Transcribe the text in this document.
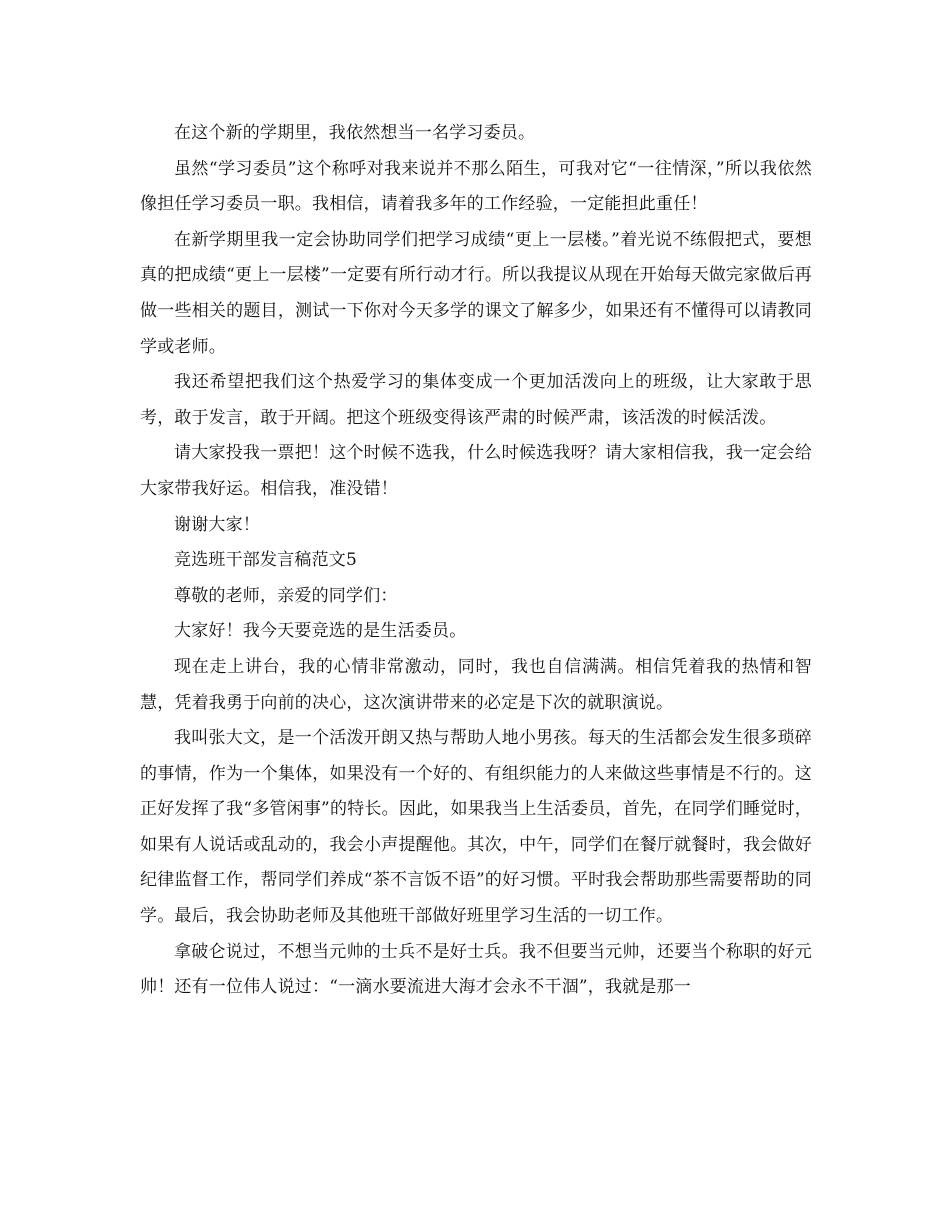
在这个新的学期里，我依然想当一名学习委员。

虽然“学习委员”这个称呼对我来说并不那么陌生，可我对它“一往情深，”所以我依然像担任学习委员一职。我相信，请着我多年的工作经验，一定能担此重任！

在新学期里我一定会协助同学们把学习成绩“更上一层楼。”着光说不练假把式，要想真的把成绩“更上一层楼”一定要有所行动才行。所以我提议从现在开始每天做完家做后再做一些相关的题目，测试一下你对今天多学的课文了解多少，如果还有不懂得可以请教同学或老师。

我还希望把我们这个热爱学习的集体变成一个更加活泼向上的班级，让大家敢于思考，敢于发言，敢于开阔。把这个班级变得该严肃的时候严肃，该活泼的时候活泼。

请大家投我一票把！这个时候不选我，什么时候选我呀？请大家相信我，我一定会给大家带我好运。相信我，准没错！

谢谢大家！

竞选班干部发言稿范文5

尊敬的老师，亲爱的同学们：

大家好！我今天要竞选的是生活委员。

现在走上讲台，我的心情非常激动，同时，我也自信满满。相信凭着我的热情和智慧，凭着我勇于向前的决心，这次演讲带来的必定是下次的就职演说。

我叫张大文，是一个活泼开朗又热与帮助人地小男孩。每天的生活都会发生很多琐碎的事情，作为一个集体，如果没有一个好的、有组织能力的人来做这些事情是不行的。这正好发挥了我“多管闲事”的特长。因此，如果我当上生活委员，首先，在同学们睡觉时，如果有人说话或乱动的，我会小声提醒他。其次，中午，同学们在餐厅就餐时，我会做好纪律监督工作，帮同学们养成“茶不言饭不语”的好习惯。平时我会帮助那些需要帮助的同学。最后，我会协助老师及其他班干部做好班里学习生活的一切工作。

拿破仑说过，不想当元帅的士兵不是好士兵。我不但要当元帅，还要当个称职的好元帅！还有一位伟人说过：“一滴水要流进大海才会永不干涸”，我就是那一
